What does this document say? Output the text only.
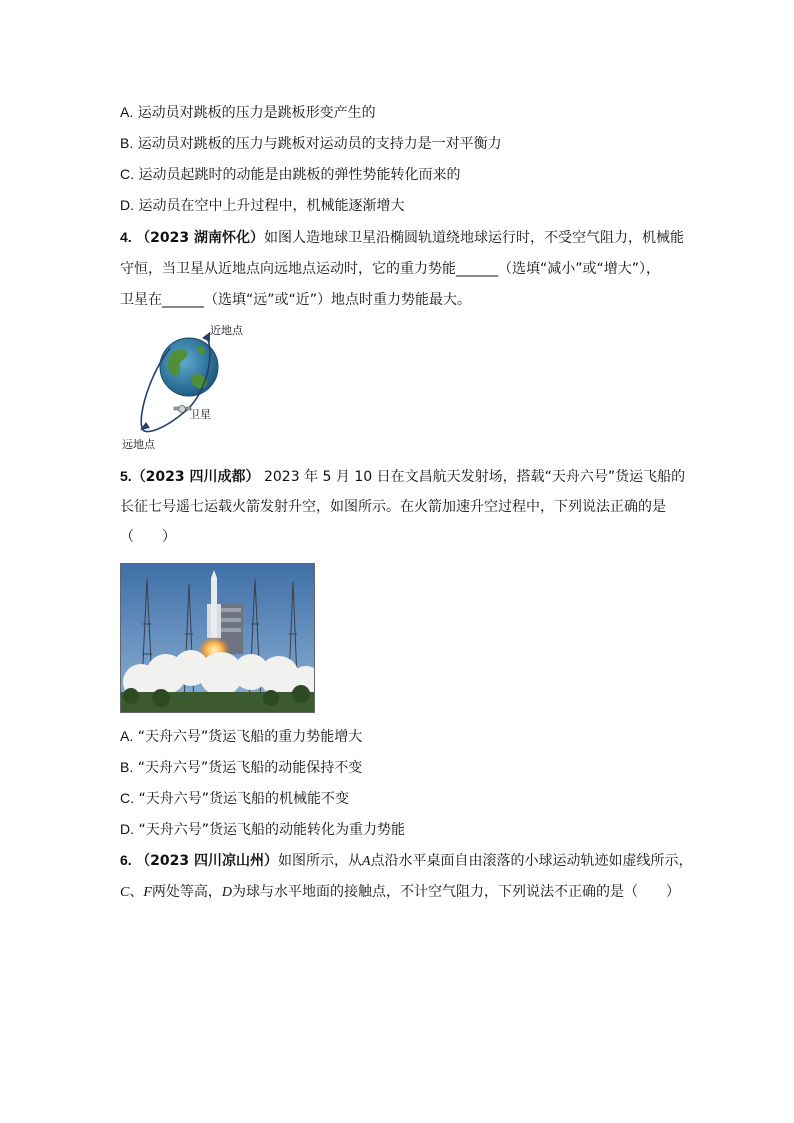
A. 运动员对跳板的压力是跳板形变产生的
B. 运动员对跳板的压力与跳板对运动员的支持力是一对平衡力
C. 运动员起跳时的动能是由跳板的弹性势能转化而来的
D. 运动员在空中上升过程中，机械能逐渐增大
4. （2023 湖南怀化）如图人造地球卫星沿椭圆轨道绕地球运行时，不受空气阻力，机械能
守恒，当卫星从近地点向远地点运动时，它的重力势能______（选填“减小”或“增大”），
卫星在______（选填“远”或“近”）地点时重力势能最大。
近地点
卫星
远地点
5.（2023 四川成都） 2023 年 5 月 10 日在文昌航天发射场，搭载“天舟六号”货运飞船的
长征七号遥七运载火箭发射升空，如图所示。在火箭加速升空过程中，下列说法正确的是
（　　）
A. “天舟六号”货运飞船的重力势能增大
B. “天舟六号”货运飞船的动能保持不变
C. “天舟六号”货运飞船的机械能不变
D. “天舟六号”货运飞船的动能转化为重力势能
6. （2023 四川凉山州）如图所示，从A点沿水平桌面自由滚落的小球运动轨迹如虚线所示，
C、F两处等高，D为球与水平地面的接触点，不计空气阻力，下列说法不正确的是（　　）
